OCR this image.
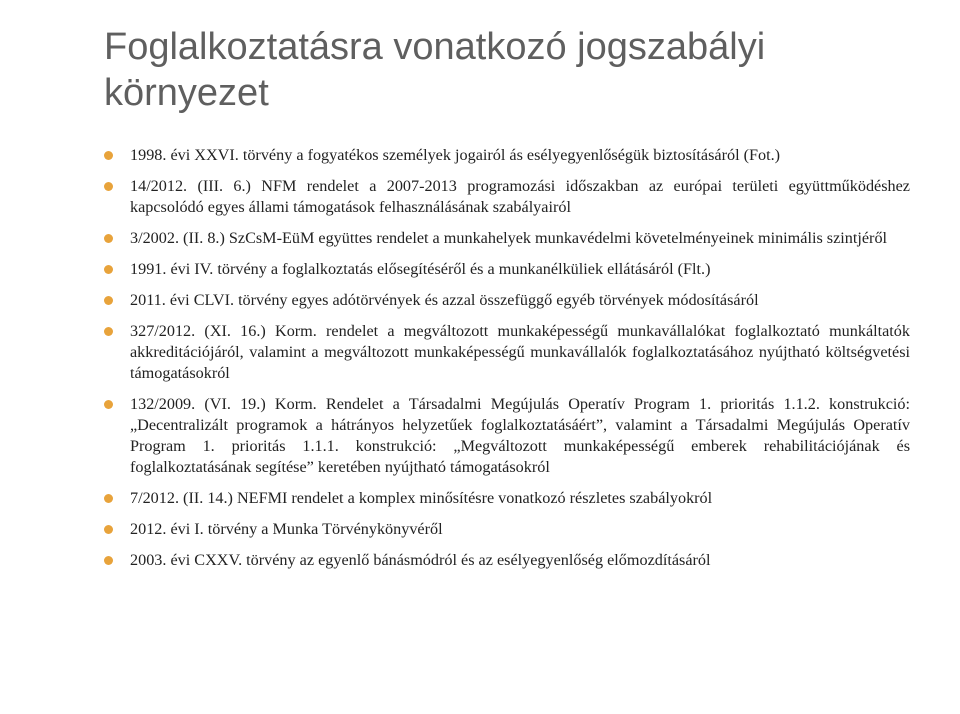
Foglalkoztatásra vonatkozó jogszabályi környezet
1998. évi XXVI. törvény a fogyatékos személyek jogairól ás esélyegyenlőségük biztosításáról (Fot.)
14/2012. (III. 6.) NFM rendelet a 2007-2013 programozási időszakban az európai területi együttműködéshez kapcsolódó egyes állami támogatások felhasználásának szabályairól
3/2002. (II. 8.) SzCsM-EüM együttes rendelet a munkahelyek munkavédelmi követelményeinek minimális szintjéről
1991. évi IV. törvény a foglalkoztatás elősegítéséről és a munkanélküliek ellátásáról (Flt.)
2011. évi CLVI. törvény egyes adótörvények és azzal összefüggő egyéb törvények módosításáról
327/2012. (XI. 16.) Korm. rendelet a megváltozott munkaképességű munkavállalókat foglalkoztató munkáltatók akkreditációjáról, valamint a megváltozott munkaképességű munkavállalók foglalkoztatásához nyújtható költségvetési támogatásokról
132/2009. (VI. 19.) Korm. Rendelet a Társadalmi Megújulás Operatív Program 1. prioritás 1.1.2. konstrukció: „Decentralizált programok a hátrányos helyzetűek foglalkoztatásáért”, valamint a Társadalmi Megújulás Operatív Program 1. prioritás 1.1.1. konstrukció: „Megváltozott munkaképességű emberek rehabilitációjának és foglalkoztatásának segítése” keretében nyújtható támogatásokról
7/2012. (II. 14.) NEFMI rendelet a komplex minősítésre vonatkozó részletes szabályokról
2012. évi I. törvény a Munka Törvénykönyvéről
2003. évi CXXV. törvény az egyenlő bánásmódról és az esélyegyenlőség előmozdításáról
